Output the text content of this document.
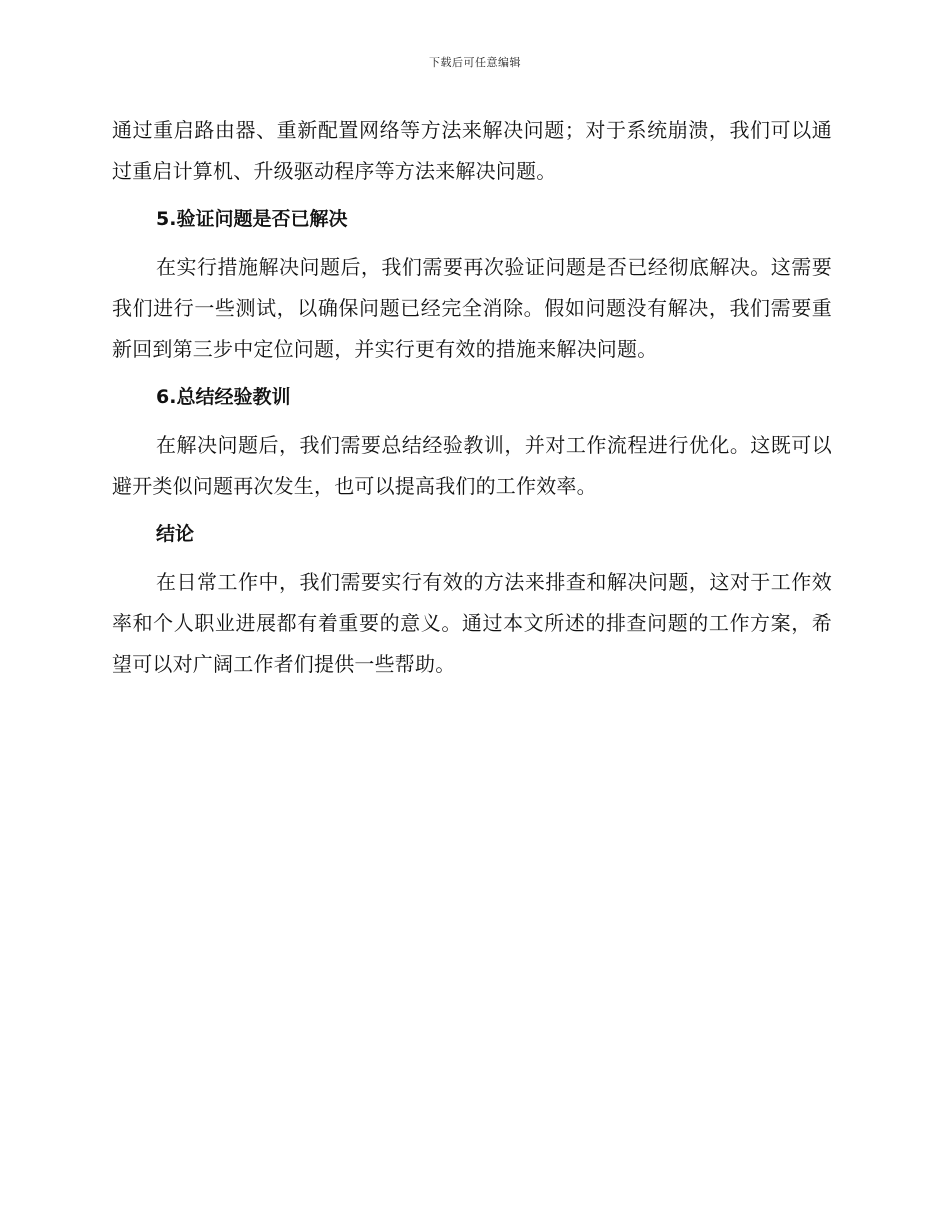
下载后可任意编辑

通过重启路由器、重新配置网络等方法来解决问题；对于系统崩溃，我们可以通过重启计算机、升级驱动程序等方法来解决问题。

5.验证问题是否已解决

在实行措施解决问题后，我们需要再次验证问题是否已经彻底解决。这需要我们进行一些测试，以确保问题已经完全消除。假如问题没有解决，我们需要重新回到第三步中定位问题，并实行更有效的措施来解决问题。

6.总结经验教训

在解决问题后，我们需要总结经验教训，并对工作流程进行优化。这既可以避开类似问题再次发生，也可以提高我们的工作效率。

结论

在日常工作中，我们需要实行有效的方法来排查和解决问题，这对于工作效率和个人职业进展都有着重要的意义。通过本文所述的排查问题的工作方案，希望可以对广阔工作者们提供一些帮助。
